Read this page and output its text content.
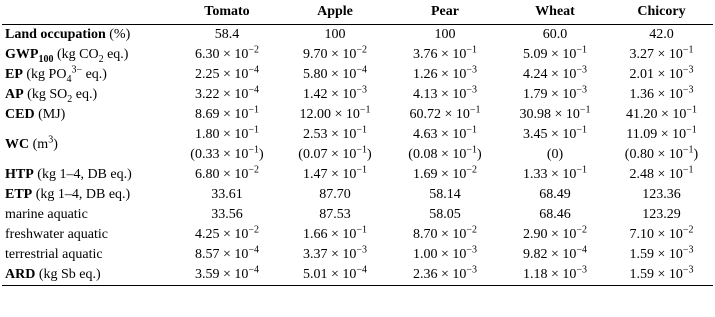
	Tomato	Apple	Pear	Wheat	Chicory
Land occupation (%)	58.4	100	100	60.0	42.0
$GWP_{100}$ (kg $CO_2$ eq.)	$6.30 \times 10^{-2}$	$9.70 \times 10^{-2}$	$3.76 \times 10^{-1}$	$5.09 \times 10^{-1}$	$3.27 \times 10^{-1}$
EP (kg $PO_4^{3-}$ eq.)	$2.25 \times 10^{-4}$	$5.80 \times 10^{-4}$	$1.26 \times 10^{-3}$	$4.24 \times 10^{-3}$	$2.01 \times 10^{-3}$
AP (kg $SO_2$ eq.)	$3.22 \times 10^{-4}$	$1.42 \times 10^{-3}$	$4.13 \times 10^{-3}$	$1.79 \times 10^{-3}$	$1.36 \times 10^{-3}$
CED (MJ)	$8.69 \times 10^{-1}$	$12.00 \times 10^{-1}$	$60.72 \times 10^{-1}$	$30.98 \times 10^{-1}$	$41.20 \times 10^{-1}$
WC $(m^3)$	$1.80 \times 10^{-1}$	$2.53 \times 10^{-1}$	$4.63 \times 10^{-1}$	$3.45 \times 10^{-1}$	$11.09 \times 10^{-1}$
	$(0.33 \times 10^{-1})$	$(0.07 \times 10^{-1})$	$(0.08 \times 10^{-1})$	(0)	$(0.80 \times 10^{-1})$
HTP (kg 1–4, DB eq.)	$6.80 \times 10^{-2}$	$1.47 \times 10^{-1}$	$1.69 \times 10^{-2}$	$1.33 \times 10^{-1}$	$2.48 \times 10^{-1}$
ETP (kg 1–4, DB eq.)	33.61	87.70	58.14	68.49	123.36
marine aquatic	33.56	87.53	58.05	68.46	123.29
freshwater aquatic	$4.25 \times 10^{-2}$	$1.66 \times 10^{-1}$	$8.70 \times 10^{-2}$	$2.90 \times 10^{-2}$	$7.10 \times 10^{-2}$
terrestrial aquatic	$8.57 \times 10^{-4}$	$3.37 \times 10^{-3}$	$1.00 \times 10^{-3}$	$9.82 \times 10^{-4}$	$1.59 \times 10^{-3}$
ARD (kg Sb eq.)	$3.59 \times 10^{-4}$	$5.01 \times 10^{-4}$	$2.36 \times 10^{-3}$	$1.18 \times 10^{-3}$	$1.59 \times 10^{-3}$
